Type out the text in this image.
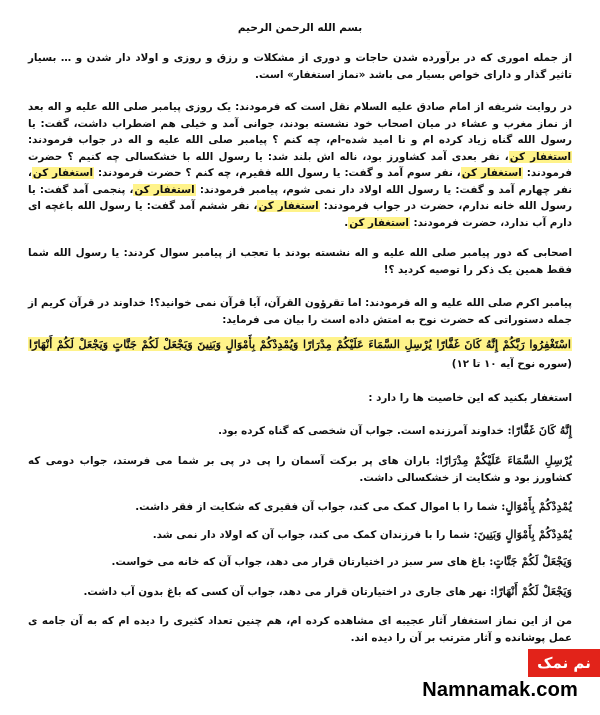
بسم الله الرحمن الرحیم

از جمله اموری که در برآورده شدن حاجات و دوری از مشکلات و رزق و روزی و اولاد دار شدن و … بسیار تاثیر گذار و دارای خواص بسیار می باشد «نماز استغفار» است.

در روایت شریفه از امام صادق علیه السلام نقل است که فرمودند: یک روزی پیامبر صلی الله علیه و اله بعد از نماز مغرب و عشاء در میان اصحاب خود نشسته بودند، جوانی آمد و خیلی هم اضطراب داشت، گفت: یا رسول الله گناه زیاد کرده ام و نا امید شده-ام، چه کنم ؟ پیامبر صلی الله علیه و اله در جواب فرمودند: استغفار کن، نفر بعدی آمد کشاورز بود، ناله اش بلند شد: یا رسول الله با خشکسالی چه کنیم ؟ حضرت فرمودند: استغفار کن، نفر سوم آمد و گفت: یا رسول الله فقیرم، چه کنم ؟ حضرت فرمودند: استغفار کن، نفر چهارم آمد و گفت: یا رسول الله اولاد دار نمی شوم، پیامبر فرمودند: استغفار کن، پنجمی آمد گفت: یا رسول الله خانه ندارم، حضرت در جواب فرمودند: استغفار کن، نفر ششم آمد گفت: یا رسول الله باغچه ای دارم آب ندارد، حضرت فرمودند: استغفار کن.

اصحابی که دور پیامبر صلی الله علیه و اله نشسته بودند با تعجب از پیامبر سوال کردند: یا رسول الله شما فقط همین یک ذکر را توصیه کردید ؟!

پیامبر اکرم صلی الله علیه و اله فرمودند: اما تقرؤون القرآن، آیا قرآن نمی خوانید؟! خداوند در قرآن کریم از جمله دستوراتی که حضرت نوح به امتش داده است را بیان می فرماید:

اسْتَغْفِرُوا رَبَّكُمْ إِنَّهُ كَانَ غَفَّارًا يُرْسِلِ السَّمَاءَ عَلَيْكُمْ مِدْرَارًا وَيُمْدِدْكُمْ بِأَمْوَالٍ وَبَنِينَ وَيَجْعَلْ لَكُمْ جَنَّاتٍ وَيَجْعَلْ لَكُمْ أَنْهَارًا (سوره نوح آیه ۱۰ تا ۱۲)

استغفار بکنید که این خاصیت ها را دارد :

إِنَّهُ كَانَ غَفَّارًا: خداوند آمرزنده است. جواب آن شخصی که گناه کرده بود.

يُرْسِلِ السَّمَاءَ عَلَيْكُمْ مِدْرَارًا: باران های پر برکت آسمان را پی در پی بر شما می فرستد، جواب دومی که کشاورز بود و شکایت از خشکسالی داشت.

يُمْدِدْكُمْ بِأَمْوَالٍ: شما را با اموال کمک می کند، جواب آن فقیری که شکایت از فقر داشت.

يُمْدِدْكُمْ بِأَمْوَالٍ وَبَنِينَ: شما را با فرزندان کمک می کند، جواب آن که اولاد دار نمی شد.

وَيَجْعَلْ لَكُمْ جَنَّاتٍ: باغ های سر سبز در اختیارتان قرار می دهد، جواب آن که خانه می خواست.

وَيَجْعَلْ لَكُمْ أَنْهَارًا: نهر های جاری در اختیارتان قرار می دهد، جواب آن کسی که باغ بدون آب داشت.

من از این نماز استغفار آثار عجیبه ای مشاهده کرده ام، هم چنین تعداد کثیری را دیده ام که به آن جامه ی عمل پوشانده و آثار مترتب بر آن را دیده اند.

نم نمک
Namnamak.com
